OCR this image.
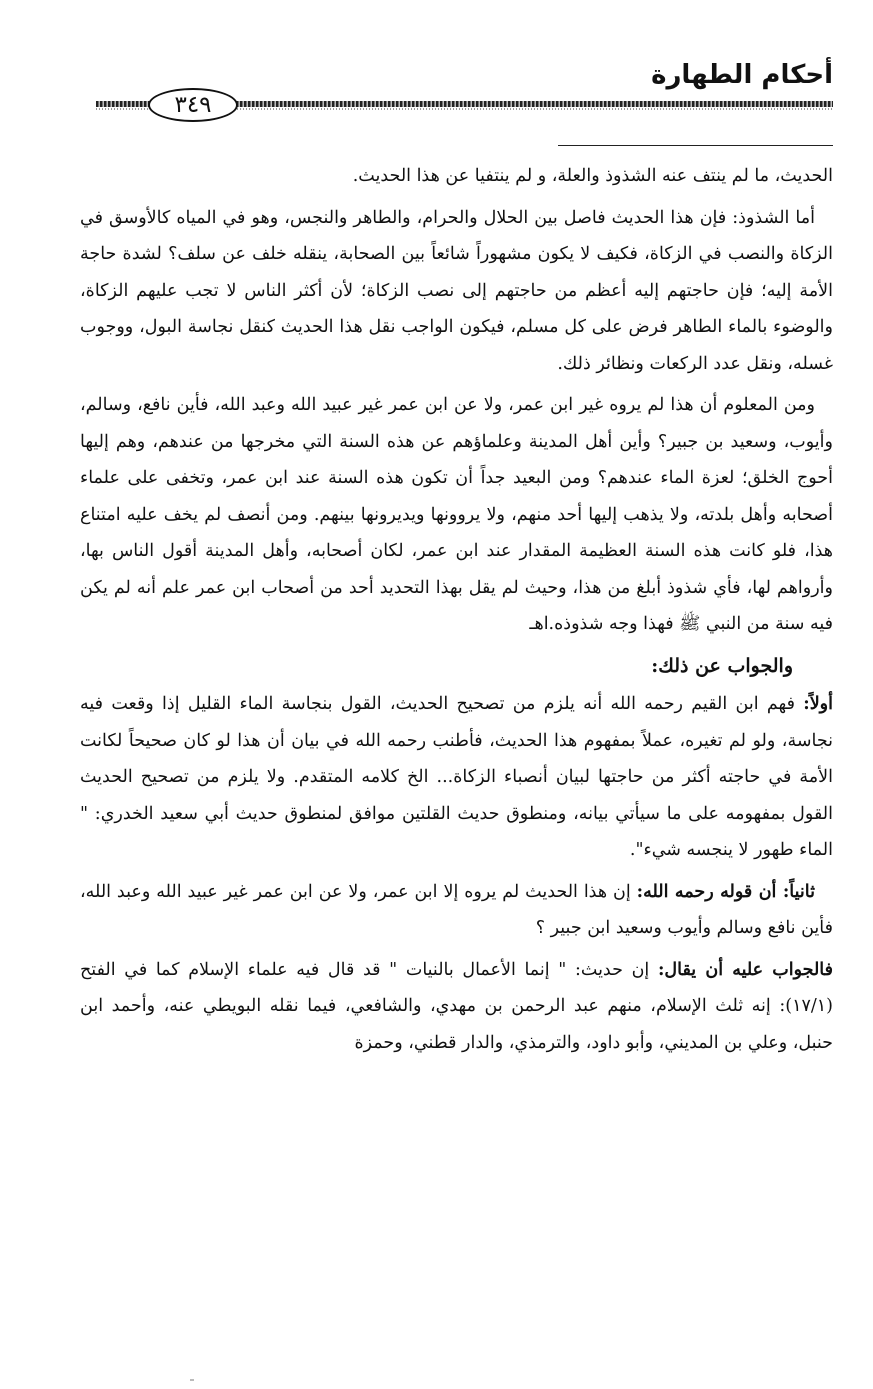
أحكام الطهارة
٣٤٩

الحديث، ما لم ينتف عنه الشذوذ والعلة، و لم ينتفيا عن هذا الحديث.

أما الشذوذ: فإن هذا الحديث فاصل بين الحلال والحرام، والطاهر والنجس، وهو في المياه كالأوسق في الزكاة والنصب في الزكاة، فكيف لا يكون مشهوراً شائعاً بين الصحابة، ينقله خلف عن سلف؟ لشدة حاجة الأمة إليه؛ فإن حاجتهم إليه أعظم من حاجتهم إلى نصب الزكاة؛ لأن أكثر الناس لا تجب عليهم الزكاة، والوضوء بالماء الطاهر فرض على كل مسلم، فيكون الواجب نقل هذا الحديث كنقل نجاسة البول، ووجوب غسله، ونقل عدد الركعات ونظائر ذلك.

ومن المعلوم أن هذا لم يروه غير ابن عمر، ولا عن ابن عمر غير عبيد الله وعبد الله، فأين نافع، وسالم، وأيوب، وسعيد بن جبير؟ وأين أهل المدينة وعلماؤهم عن هذه السنة التي مخرجها من عندهم، وهم إليها أحوج الخلق؛ لعزة الماء عندهم؟ ومن البعيد جداً أن تكون هذه السنة عند ابن عمر، وتخفى على علماء أصحابه وأهل بلدته، ولا يذهب إليها أحد منهم، ولا يروونها ويديرونها بينهم. ومن أنصف لم يخف عليه امتناع هذا، فلو كانت هذه السنة العظيمة المقدار عند ابن عمر، لكان أصحابه، وأهل المدينة أقول الناس بها، وأرواهم لها، فأي شذوذ أبلغ من هذا، وحيث لم يقل بهذا التحديد أحد من أصحاب ابن عمر علم أنه لم يكن فيه سنة من النبي ﷺ فهذا وجه شذوذه.اهـ

والجواب عن ذلك:

أولاً: فهم ابن القيم رحمه الله أنه يلزم من تصحيح الحديث، القول بنجاسة الماء القليل إذا وقعت فيه نجاسة، ولو لم تغيره، عملاً بمفهوم هذا الحديث، فأطنب رحمه الله في بيان أن هذا لو كان صحيحاً لكانت الأمة في حاجته أكثر من حاجتها لبيان أنصباء الزكاة... الخ كلامه المتقدم. ولا يلزم من تصحيح الحديث القول بمفهومه على ما سيأتي بيانه، ومنطوق حديث القلتين موافق لمنطوق حديث أبي سعيد الخدري: " الماء طهور لا ينجسه شيء".

ثانياً: أن قوله رحمه الله: إن هذا الحديث لم يروه إلا ابن عمر، ولا عن ابن عمر غير عبيد الله وعبد الله، فأين نافع وسالم وأيوب وسعيد ابن جبير ؟

فالجواب عليه أن يقال: إن حديث: " إنما الأعمال بالنيات " قد قال فيه علماء الإسلام كما في الفتح (١٧/١): إنه ثلث الإسلام، منهم عبد الرحمن بن مهدي، والشافعي، فيما نقله البويطي عنه، وأحمد ابن حنبل، وعلي بن المديني، وأبو داود، والترمذي، والدار قطني، وحمزة
